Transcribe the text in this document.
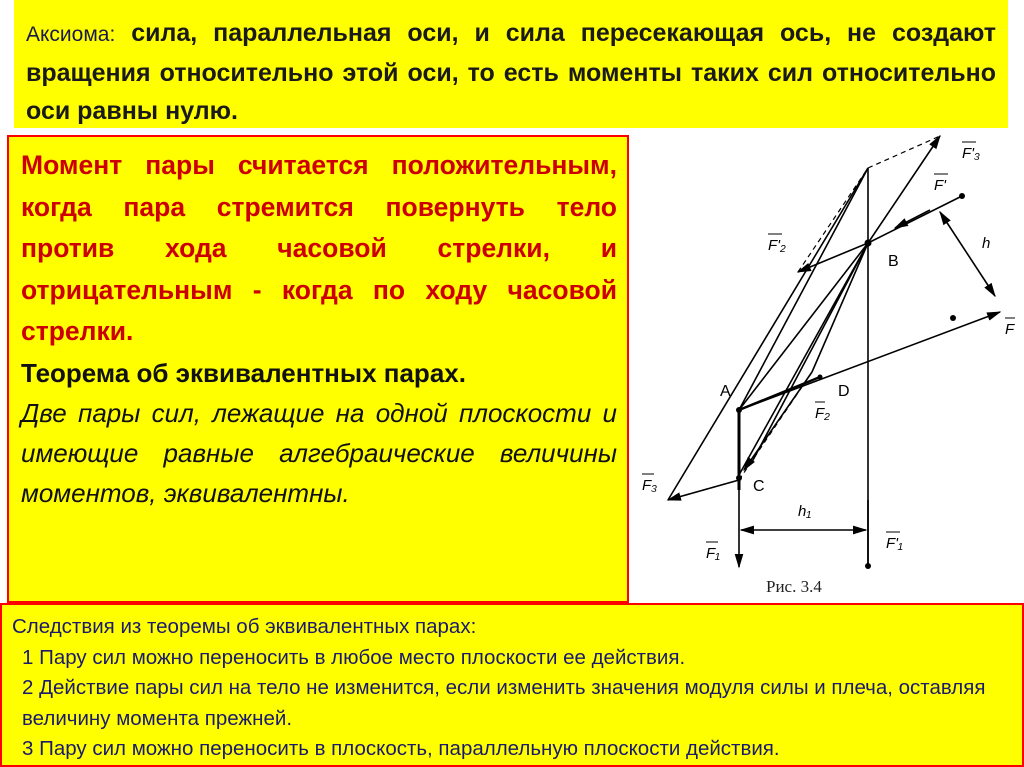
Аксиома: сила, параллельная оси, и сила пересекающая ось, не создают вращения относительно этой оси, то есть моменты таких сил относительно оси равны нулю.

Момент пары считается положительным, когда пара стремится повернуть тело против хода часовой стрелки, и отрицательным - когда по ходу часовой стрелки.

Теорема об эквивалентных парах.

Две пары сил, лежащие на одной плоскости и имеющие равные алгебраические величины моментов, эквивалентны.

B
A
C
D
F'₃
F'
F'₂
F
F₂
F₃
F₁
F'₁
h
h₁
Рис. 3.4

Следствия из теоремы об эквивалентных парах:

1 Пару сил можно переносить в любое место плоскости ее действия.

2 Действие пары сил на тело не изменится, если изменить значения модуля силы и плеча, оставляя величину момента прежней.

3 Пару сил можно переносить в плоскость, параллельную плоскости действия.
